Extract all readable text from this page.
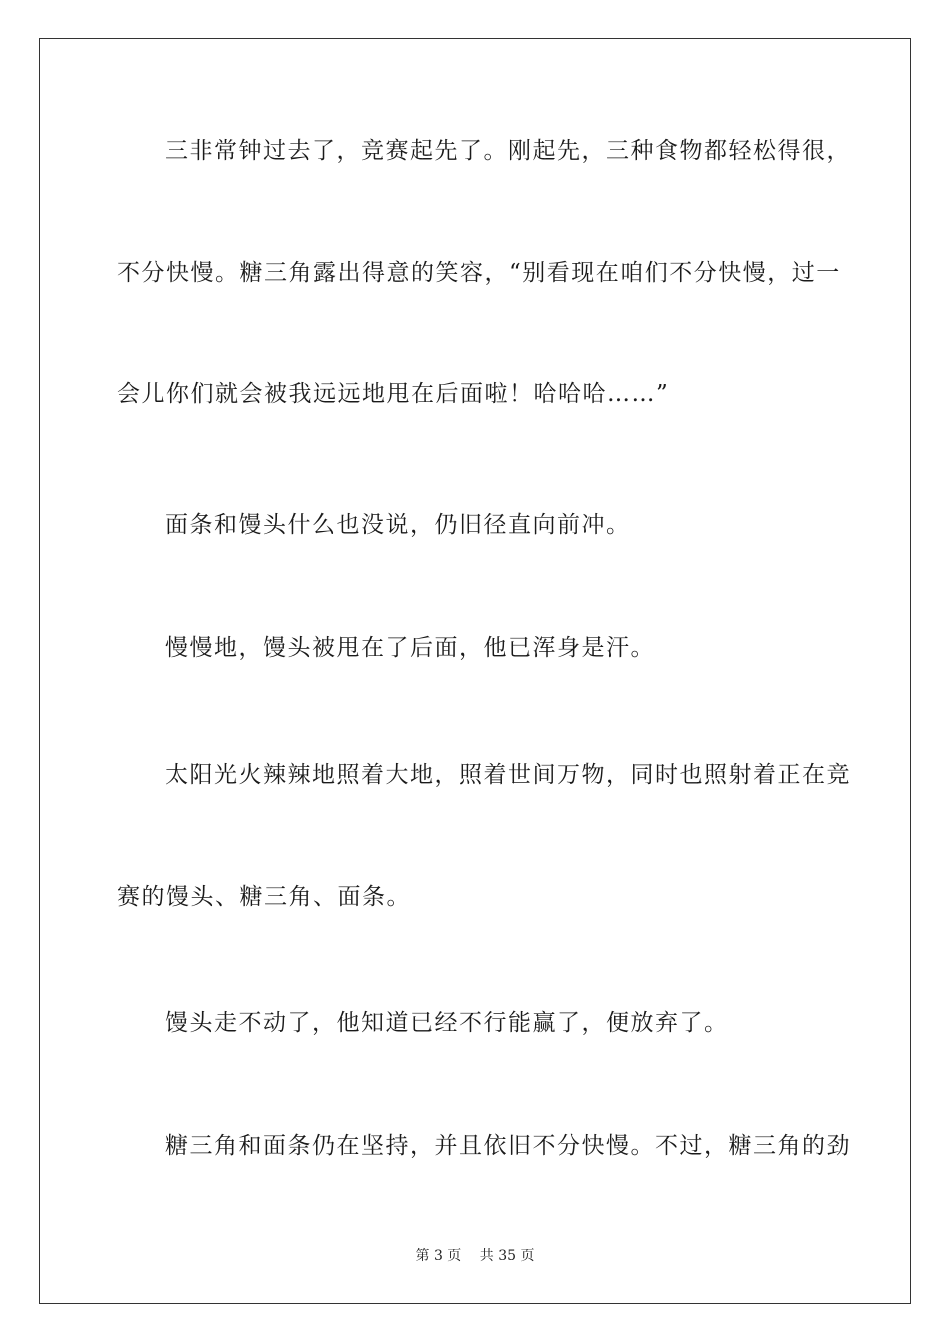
三非常钟过去了，竞赛起先了。刚起先，三种食物都轻松得很，
不分快慢。糖三角露出得意的笑容，“别看现在咱们不分快慢，过一
会儿你们就会被我远远地甩在后面啦！哈哈哈……”
面条和馒头什么也没说，仍旧径直向前冲。
慢慢地，馒头被甩在了后面，他已浑身是汗。
太阳光火辣辣地照着大地，照着世间万物，同时也照射着正在竞
赛的馒头、糖三角、面条。
馒头走不动了，他知道已经不行能赢了，便放弃了。
糖三角和面条仍在坚持，并且依旧不分快慢。不过，糖三角的劲
第 3 页　 共 35 页
